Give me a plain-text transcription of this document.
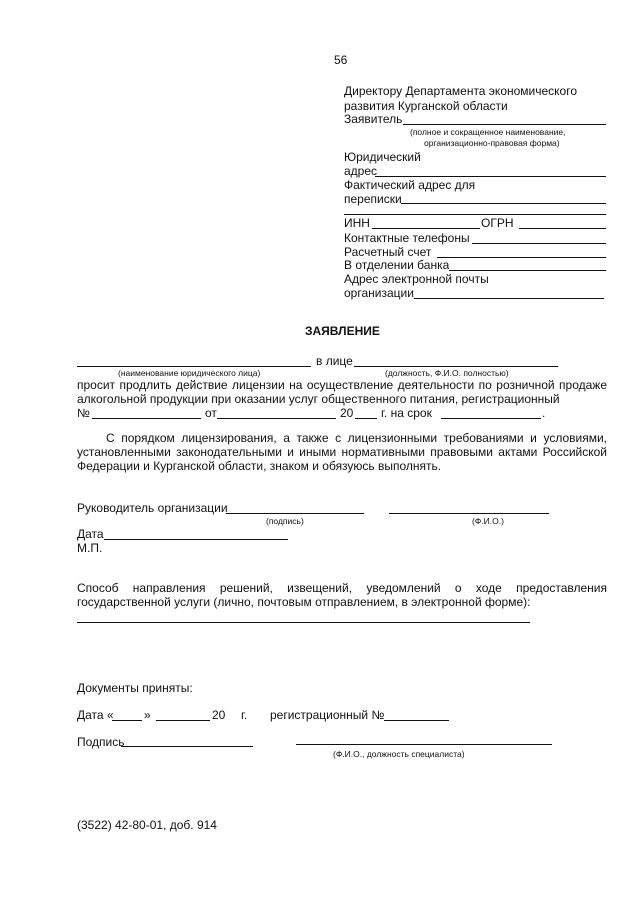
56
Директору Департамента экономического
развития Курганской области
Заявитель
(полное и сокращенное наименование,
организационно-правовая форма)
Юридический
адрес
Фактический адрес для
переписки
ИНН	ОГРН
Контактные телефоны
Расчетный счет
В отделении банка
Адрес электронной почты
организации
ЗАЯВЛЕНИЕ
в лице
(наименование юридического лица)	(должность, Ф.И.О. полностью)
просит продлить действие лицензии на осуществление деятельности по розничной продаже
алкогольной продукции при оказании услуг общественного питания, регистрационный
№	от	20 г. на срок	.
С порядком лицензирования, а также с лицензионными требованиями и условиями,
установленными законодательными и иными нормативными правовыми актами Российской
Федерации и Курганской области, знаком и обязуюсь выполнять.
Руководитель организации
(подпись)	(Ф.И.О.)
Дата
М.П.
Способ направления решений, извещений, уведомлений о ходе предоставления
государственной услуги (лично, почтовым отправлением, в электронной форме):
Документы приняты:
Дата «	»	20 г. регистрационный №
Подпись
(Ф.И.О., должность специалиста)
(3522) 42-80-01, доб. 914
